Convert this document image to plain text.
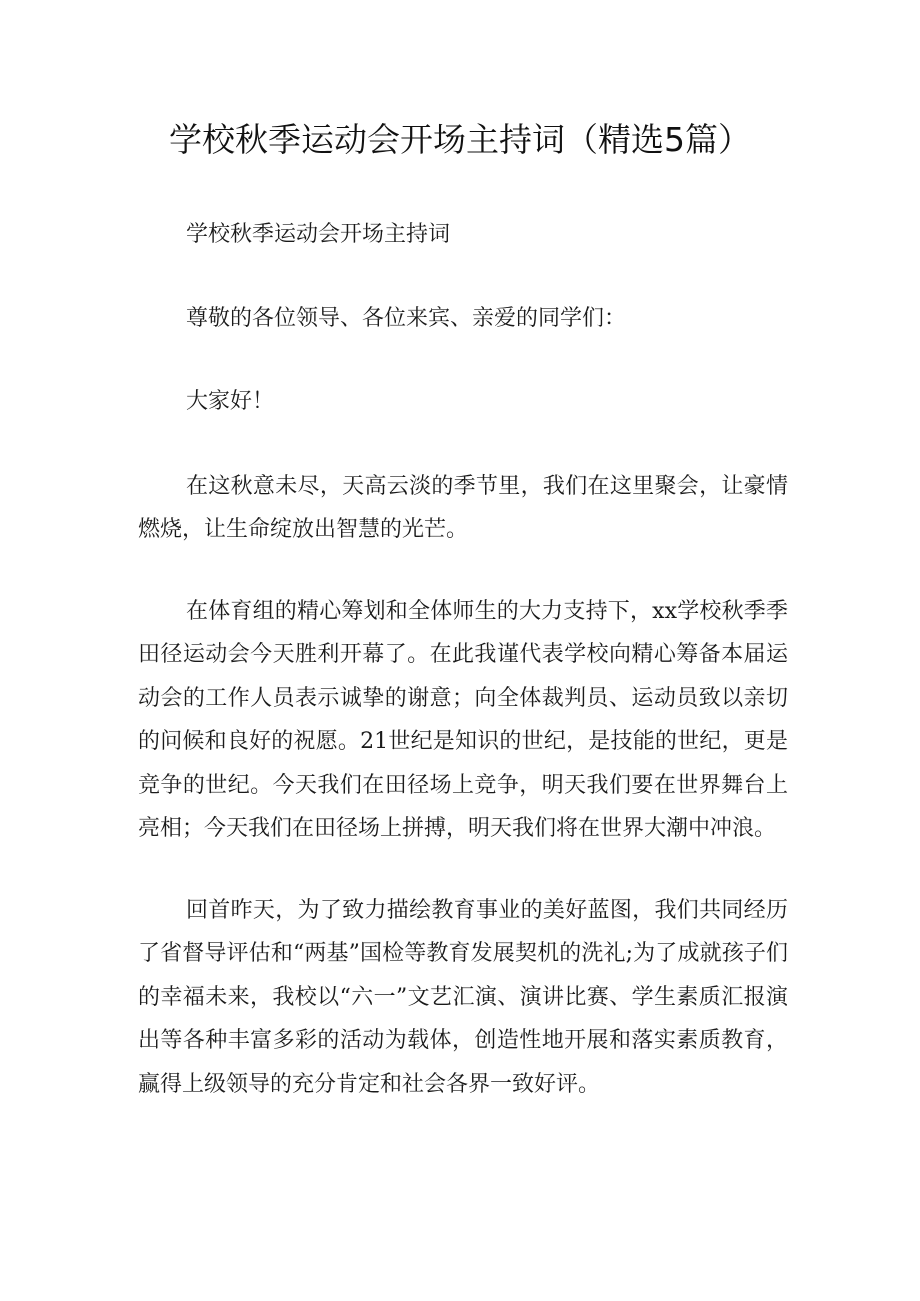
学校秋季运动会开场主持词（精选5篇）

学校秋季运动会开场主持词

尊敬的各位领导、各位来宾、亲爱的同学们：

大家好！

在这秋意未尽，天高云淡的季节里，我们在这里聚会，让豪情燃烧，让生命绽放出智慧的光芒。

在体育组的精心筹划和全体师生的大力支持下，xx学校秋季季田径运动会今天胜利开幕了。在此我谨代表学校向精心筹备本届运动会的工作人员表示诚挚的谢意；向全体裁判员、运动员致以亲切的问候和良好的祝愿。21世纪是知识的世纪，是技能的世纪，更是竞争的世纪。今天我们在田径场上竞争，明天我们要在世界舞台上亮相；今天我们在田径场上拼搏，明天我们将在世界大潮中冲浪。

回首昨天，为了致力描绘教育事业的美好蓝图，我们共同经历了省督导评估和“两基”国检等教育发展契机的洗礼;为了成就孩子们的幸福未来，我校以“六一”文艺汇演、演讲比赛、学生素质汇报演出等各种丰富多彩的活动为载体，创造性地开展和落实素质教育，赢得上级领导的充分肯定和社会各界一致好评。
